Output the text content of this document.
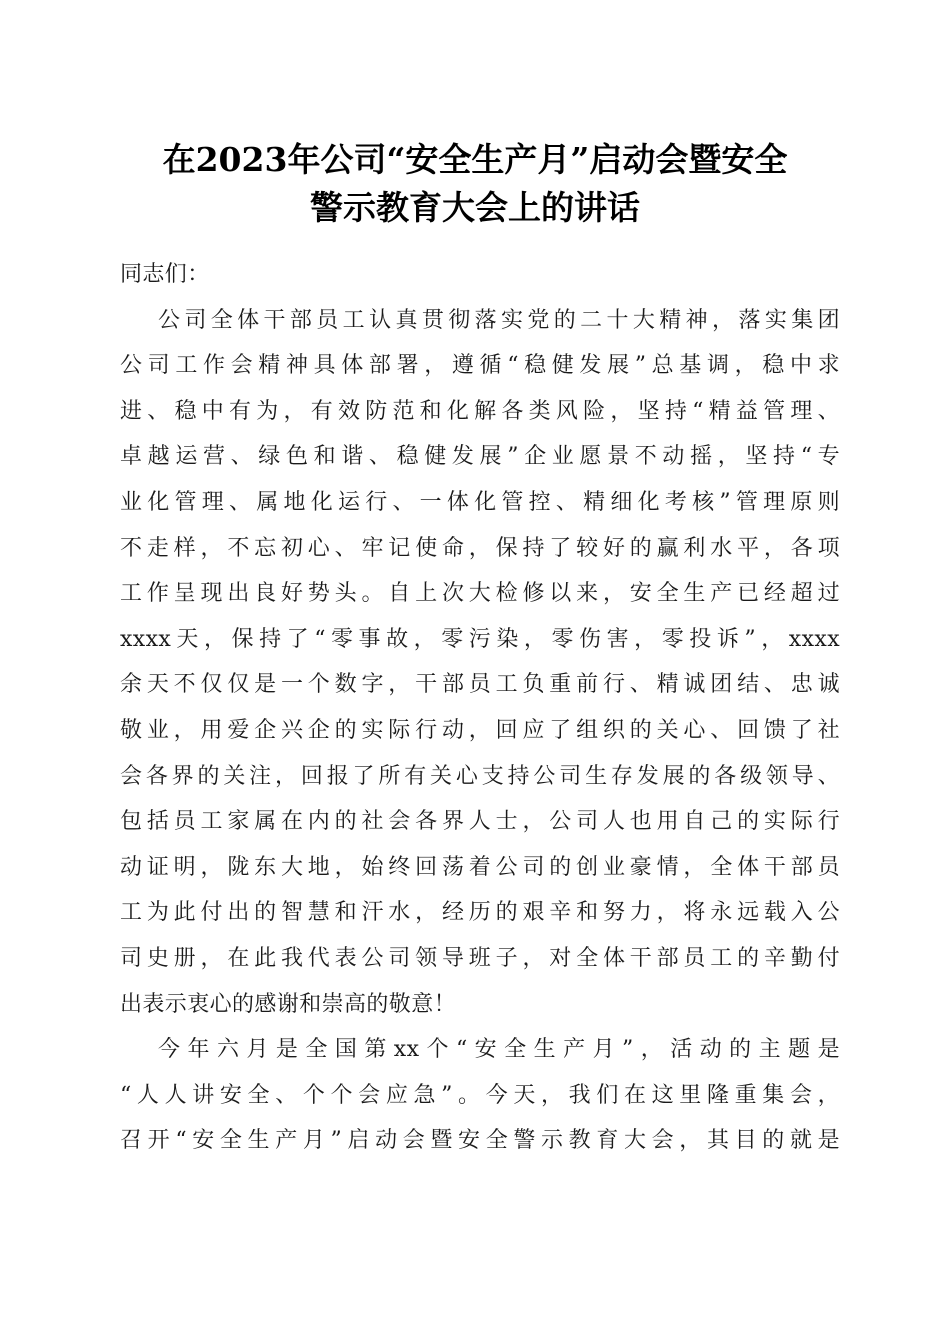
在2023年公司“安全生产月”启动会暨安全
警示教育大会上的讲话
同志们：
公司全体干部员工认真贯彻落实党的二十大精神，落实集团
公司工作会精神具体部署，遵循“稳健发展”总基调，稳中求
进、稳中有为，有效防范和化解各类风险，坚持“精益管理、
卓越运营、绿色和谐、稳健发展”企业愿景不动摇，坚持“专
业化管理、属地化运行、一体化管控、精细化考核”管理原则
不走样，不忘初心、牢记使命，保持了较好的赢利水平，各项
工作呈现出良好势头。自上次大检修以来，安全生产已经超过
xxxx天，保持了“零事故，零污染，零伤害，零投诉”，xxxx
余天不仅仅是一个数字，干部员工负重前行、精诚团结、忠诚
敬业，用爱企兴企的实际行动，回应了组织的关心、回馈了社
会各界的关注，回报了所有关心支持公司生存发展的各级领导、
包括员工家属在内的社会各界人士，公司人也用自己的实际行
动证明，陇东大地，始终回荡着公司的创业豪情，全体干部员
工为此付出的智慧和汗水，经历的艰辛和努力，将永远载入公
司史册，在此我代表公司领导班子，对全体干部员工的辛勤付
出表示衷心的感谢和崇高的敬意！
今年六月是全国第xx个“安全生产月”，活动的主题是
“人人讲安全、个个会应急”。今天，我们在这里隆重集会，
召开“安全生产月”启动会暨安全警示教育大会，其目的就是
